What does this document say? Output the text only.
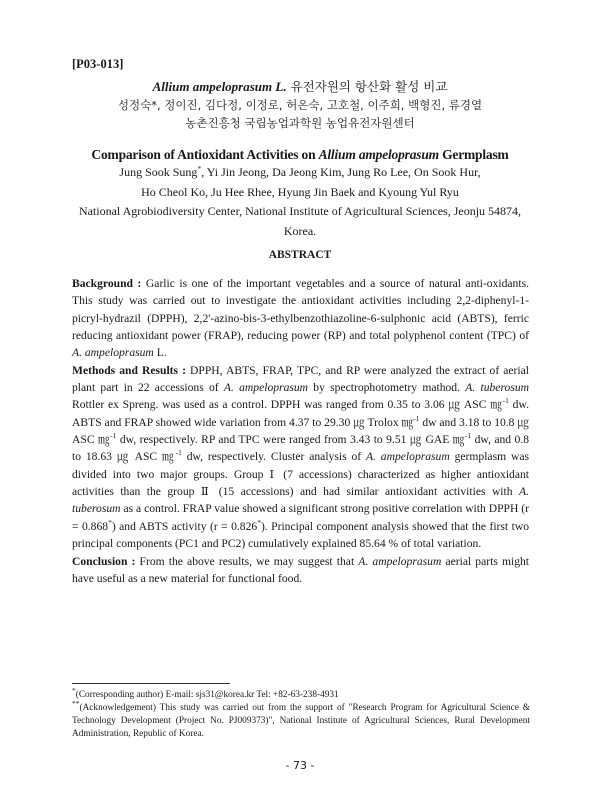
[P03-013]
Allium ampeloprasum L. 유전자원의 항산화 활성 비교
성정숙*, 정이진, 김다정, 이정로, 허온숙, 고호철, 이주희, 백형진, 류경열
농촌진흥청 국립농업과학원 농업유전자원센터
Comparison of Antioxidant Activities on Allium ampeloprasum Germplasm
Jung Sook Sung*, Yi Jin Jeong, Da Jeong Kim, Jung Ro Lee, On Sook Hur,
Ho Cheol Ko, Ju Hee Rhee, Hyung Jin Baek and Kyoung Yul Ryu
National Agrobiodiversity Center, National Institute of Agricultural Sciences, Jeonju 54874,
Korea.
ABSTRACT

Background : Garlic is one of the important vegetables and a source of natural anti-oxidants. This study was carried out to investigate the antioxidant activities including 2,2-diphenyl-1-picryl-hydrazil (DPPH), 2,2'-azino-bis-3-ethylbenzothiazoline-6-sulphonic acid (ABTS), ferric reducing antioxidant power (FRAP), reducing power (RP) and total polyphenol content (TPC) of A. ampeloprasum L.

Methods and Results : DPPH, ABTS, FRAP, TPC, and RP were analyzed the extract of aerial plant part in 22 accessions of A. ampeloprasum by spectrophotometry mathod. A. tuberosum Rottler ex Spreng. was used as a control. DPPH was ranged from 0.35 to 3.06 ㎍ ASC ㎎$^{-1}$ dw. ABTS and FRAP showed wide variation from 4.37 to 29.30 ㎍ Trolox ㎎$^{-1}$ dw and 3.18 to 10.8 ㎍ ASC ㎎$^{-1}$ dw, respectively. RP and TPC were ranged from 3.43 to 9.51 ㎍ GAE ㎎$^{-1}$ dw, and 0.8 to 18.63 ㎍ ASC ㎎$^{-1}$ dw, respectively. Cluster analysis of A. ampeloprasum germplasm was divided into two major groups. Group Ⅰ (7 accessions) characterized as higher antioxidant activities than the group Ⅱ (15 accessions) and had similar antioxidant activities with A. tuberosum as a control. FRAP value showed a significant strong positive correlation with DPPH (r = 0.868*) and ABTS activity (r = 0.826*). Principal component analysis showed that the first two principal components (PC1 and PC2) cumulatively explained 85.64 % of total variation.

Conclusion : From the above results, we may suggest that A. ampeloprasum aerial parts might have useful as a new material for functional food.

*(Corresponding author) E-mail: sjs31@korea.kr Tel: +82-63-238-4931
**(Acknowledgement) This study was carried out from the support of "Research Program for Agricultural Science & Technology Development (Project No. PJ009373)", National Institute of Agricultural Sciences, Rural Development Administration, Republic of Korea.
- 73 -
